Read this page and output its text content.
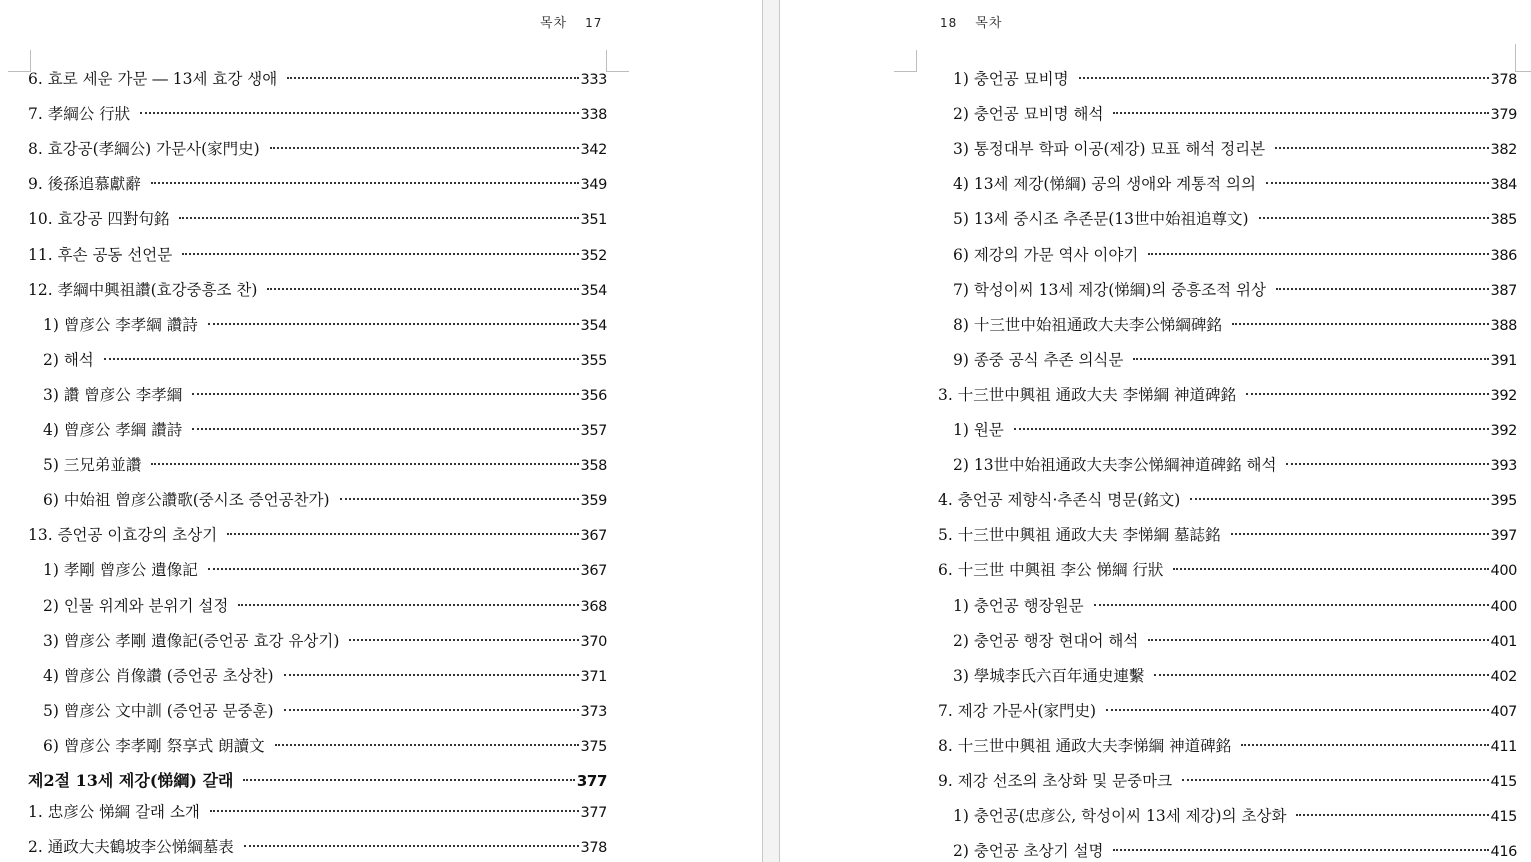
목차 17
6. 효로 세운 가문 ― 13세 효강 생애	333
7. 孝綱公 行狀	338
8. 효강공(孝綱公) 가문사(家門史)	342
9. 後孫追慕獻辭	349
10. 효강공 四對句銘	351
11. 후손 공동 선언문	352
12. 孝綱中興祖讚(효강중흥조 찬)	354
1) 曾彦公 李孝綱 讚詩	354
2) 해석	355
3) 讚 曾彦公 李孝綱	356
4) 曾彦公 孝綱 讚詩	357
5) 三兄弟並讚	358
6) 中始祖 曾彦公讚歌(중시조 증언공찬가)	359
13. 증언공 이효강의 초상기	367
1) 孝剛 曾彦公 遺像記	367
2) 인물 위계와 분위기 설정	368
3) 曾彦公 孝剛 遺像記(증언공 효강 유상기)	370
4) 曾彦公 肖像讚 (증언공 초상찬)	371
5) 曾彦公 文中訓 (증언공 문중훈)	373
6) 曾彦公 李孝剛 祭享式 朗讀文	375
제2절 13세 제강(悌綱) 갈래	377
1. 忠彦公 悌綱 갈래 소개	377
2. 通政大夫鶴坡李公悌綱墓表	378
18 목차
1) 충언공 묘비명	378
2) 충언공 묘비명 해석	379
3) 통정대부 학파 이공(제강) 묘표 해석 정리본	382
4) 13세 제강(悌綱) 공의 생애와 계통적 의의	384
5) 13세 중시조 추존문(13世中始祖追尊文)	385
6) 제강의 가문 역사 이야기	386
7) 학성이씨 13세 제강(悌綱)의 중흥조적 위상	387
8) 十三世中始祖通政大夫李公悌綱碑銘	388
9) 종중 공식 추존 의식문	391
3. 十三世中興祖 通政大夫 李悌綱 神道碑銘	392
1) 원문	392
2) 13世中始祖通政大夫李公悌綱神道碑銘 해석	393
4. 충언공 제향식·추존식 명문(銘文)	395
5. 十三世中興祖 通政大夫 李悌綱 墓誌銘	397
6. 十三世 中興祖 李公 悌綱 行狀	400
1) 충언공 행장원문	400
2) 충언공 행장 현대어 해석	401
3) 學城李氏六百年通史連繫	402
7. 제강 가문사(家門史)	407
8. 十三世中興祖 通政大夫李悌綱 神道碑銘	411
9. 제강 선조의 초상화 및 문중마크	415
1) 충언공(忠彦公, 학성이씨 13세 제강)의 초상화	415
2) 충언공 초상기 설명	416
